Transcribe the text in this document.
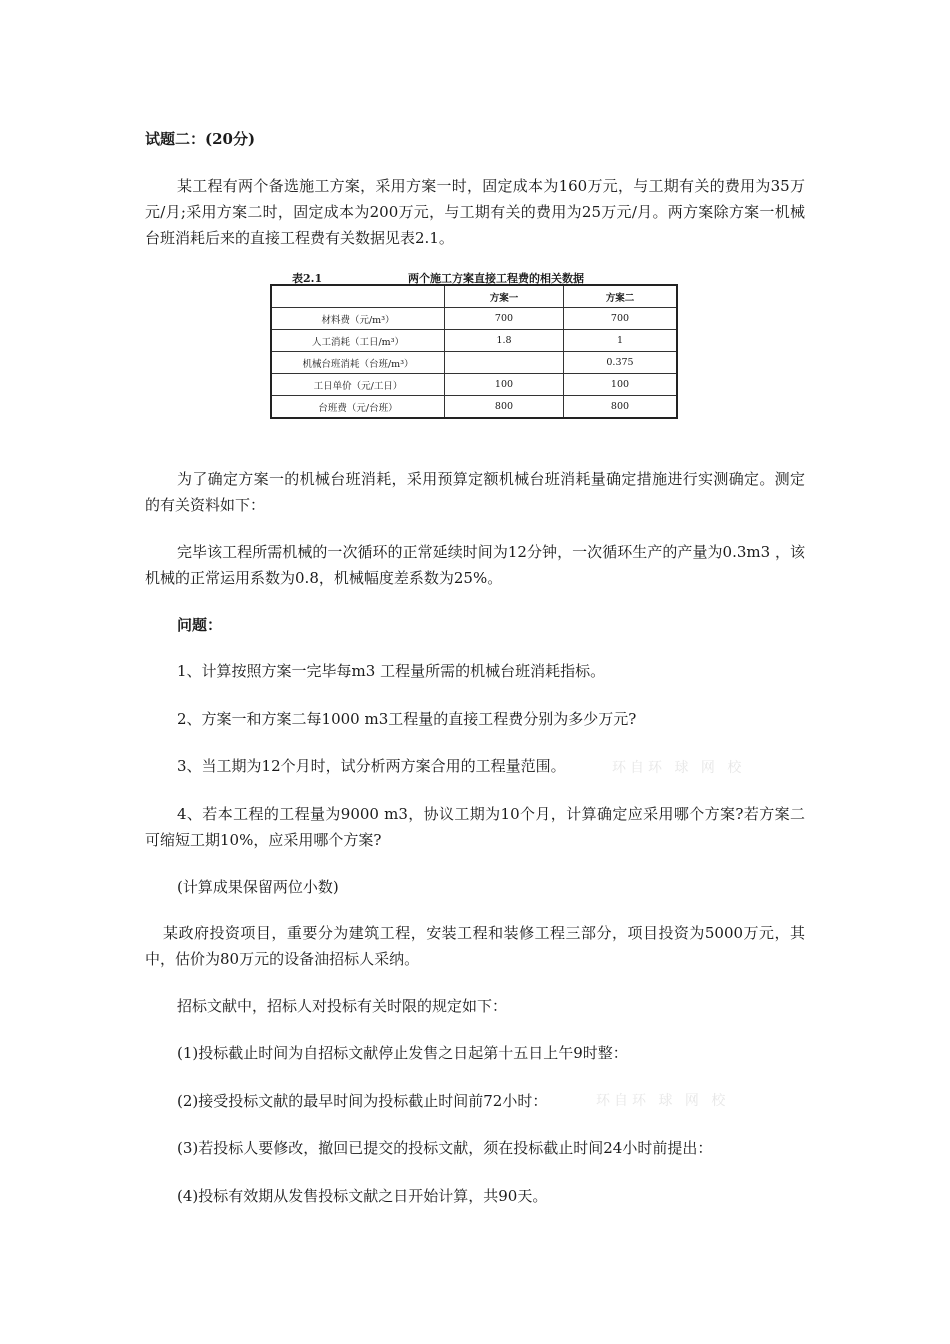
试题二：(20分)

某工程有两个备选施工方案，采用方案一时，固定成本为160万元，与工期有关的费用为35万元/月;采用方案二时，固定成本为200万元，与工期有关的费用为25万元/月。两方案除方案一机械台班消耗后来的直接工程费有关数据见表2.1。

表2.1	两个施工方案直接工程费的相关数据
	方案一	方案二
材料费（元/m³）	700	700
人工消耗（工日/m³）	1.8	1
机械台班消耗（台班/m³）		0.375
工日单价（元/工日）	100	100
台班费（元/台班）	800	800

为了确定方案一的机械台班消耗，采用预算定额机械台班消耗量确定措施进行实测确定。测定的有关资料如下：

完毕该工程所需机械的一次循环的正常延续时间为12分钟，一次循环生产的产量为0.3m3 ，该机械的正常运用系数为0.8，机械幅度差系数为25%。

问题：

1、计算按照方案一完毕每m3 工程量所需的机械台班消耗指标。

2、方案一和方案二每1000 m3工程量的直接工程费分别为多少万元?

3、当工期为12个月时，试分析两方案合用的工程量范围。	环自环 球 网 校

4、若本工程的工程量为9000 m3，协议工期为10个月，计算确定应采用哪个方案?若方案二可缩短工期10%，应采用哪个方案?

(计算成果保留两位小数)

某政府投资项目，重要分为建筑工程，安装工程和装修工程三部分，项目投资为5000万元，其中，估价为80万元的设备油招标人采纳。

招标文献中，招标人对投标有关时限的规定如下：

(1)投标截止时间为自招标文献停止发售之日起第十五日上午9时整：

(2)接受投标文献的最早时间为投标截止时间前72小时：	环自环 球 网 校

(3)若投标人要修改，撤回已提交的投标文献，须在投标截止时间24小时前提出：

(4)投标有效期从发售投标文献之日开始计算，共90天。
